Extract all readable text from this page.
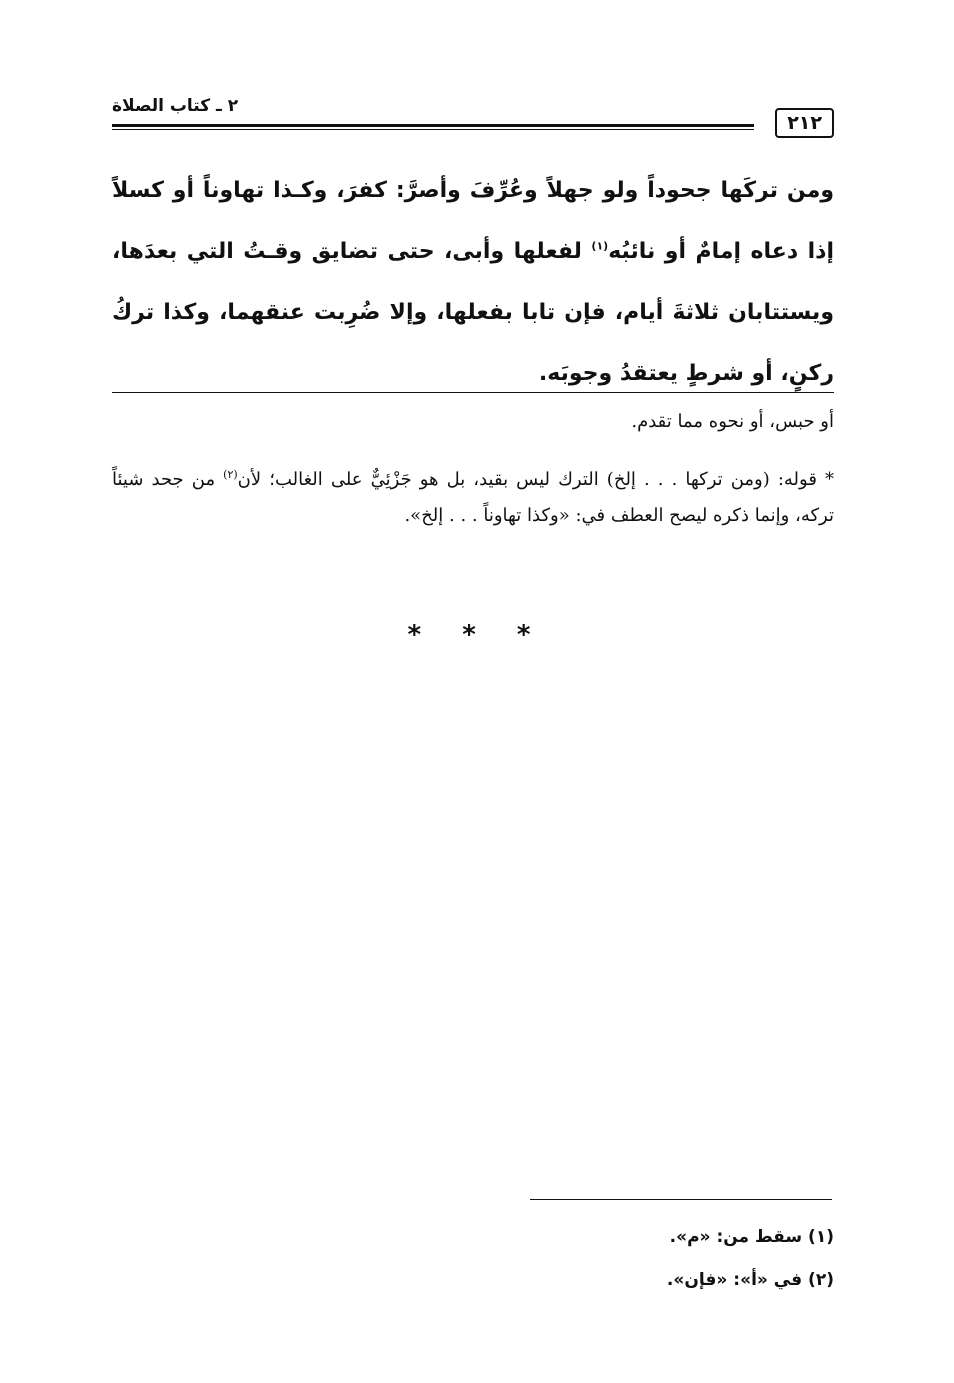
٢١٢
٢ ـ كتاب الصلاة

ومن تركَها جحوداً ولو جهلاً وعُرِّفَ وأصرَّ: كفرَ، وكـذا تهاوناً أو كسلاً إذا دعاه إمامٌ أو نائبُه$^{(١)}$ لفعلها وأبى، حتى تضايق وقـتُ التي بعدَها، ويستتابان ثلاثةَ أيام، فإن تابا بفعلها، وإلا ضُرِبت عنقهما، وكذا تركُ ركنٍ، أو شرطٍ يعتقدُ وجوبَه.

أو حبس، أو نحوه مما تقدم.

* قوله: (ومن تركها . . . إلخ) الترك ليس بقيد، بل هو جَزْئِيٌّ على الغالب؛ لأن$^{(٢)}$ من جحد شيئاً تركه، وإنما ذكره ليصح العطف في: «وكذا تهاوناً . . . إلخ».

* * *
(١) سقط من: «م».
(٢) في «أ»: «فإن».
